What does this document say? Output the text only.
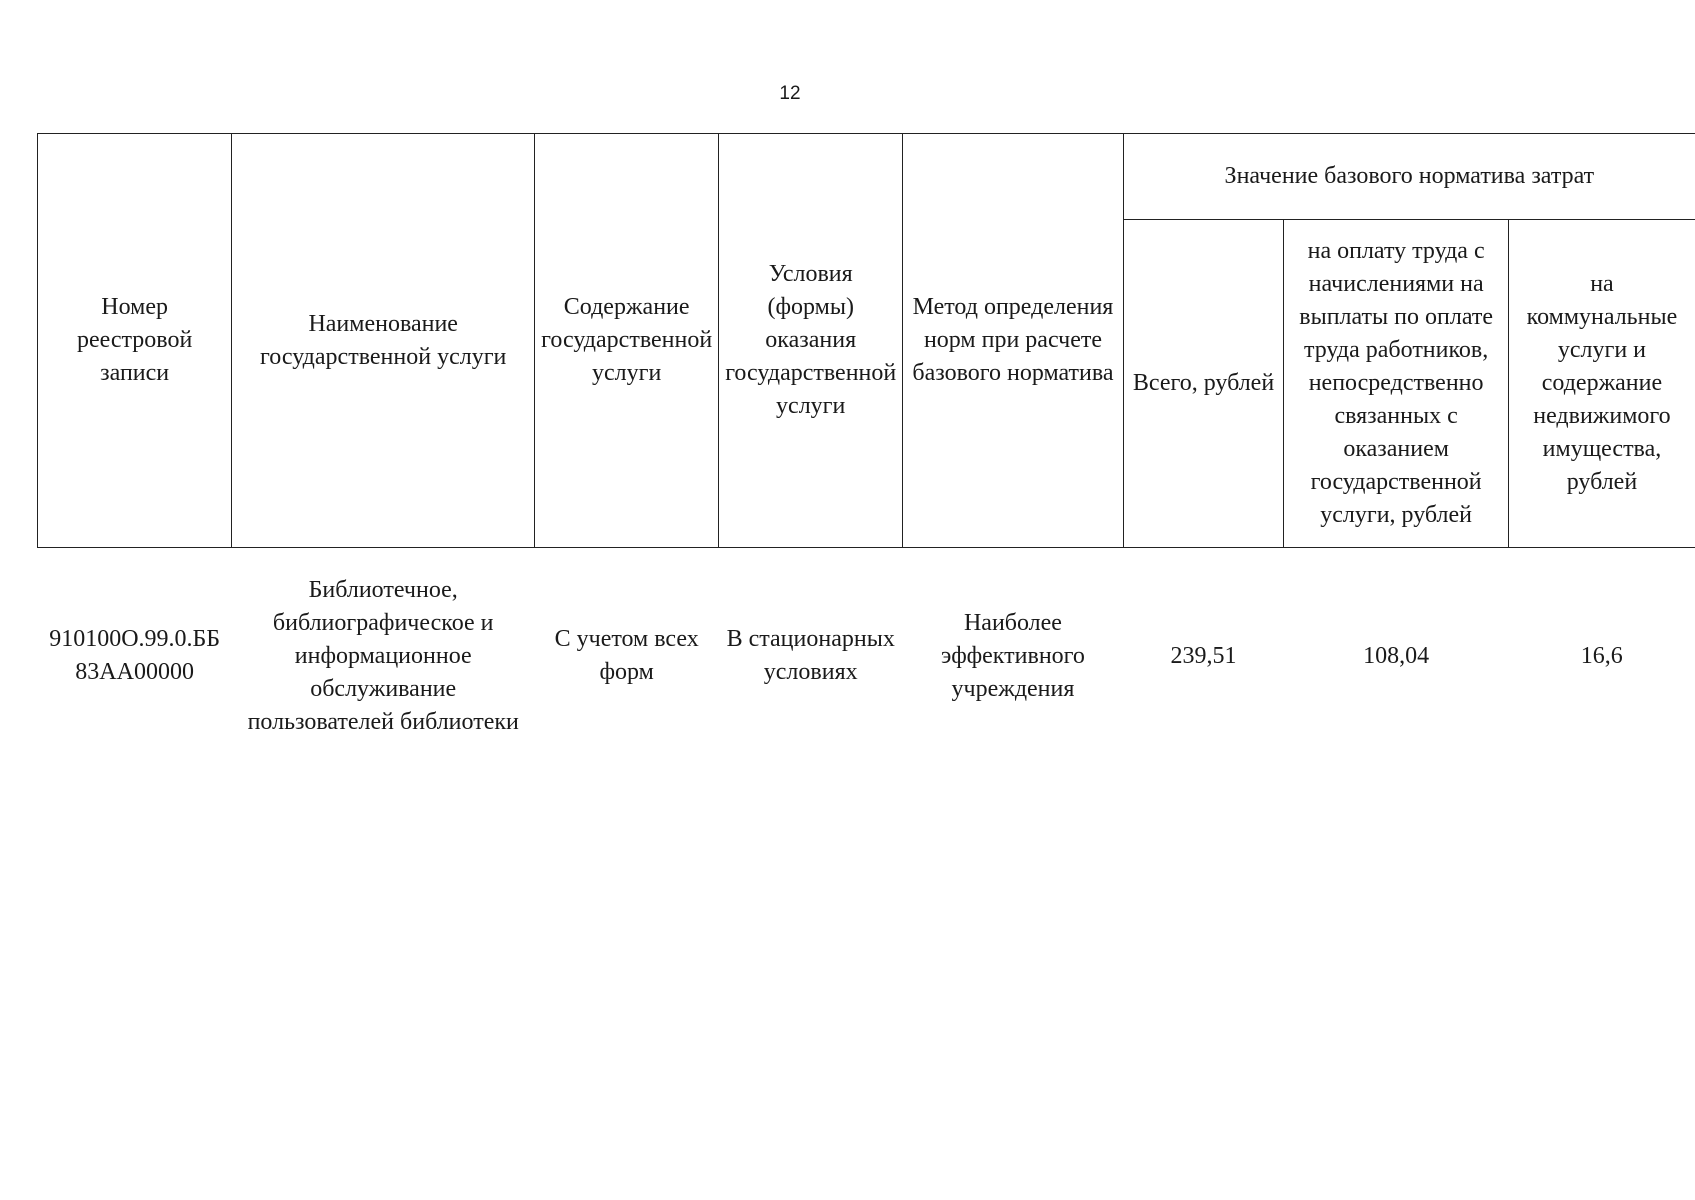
12
Номер реестровой записи	Наименование государственной услуги	Содержание государственной услуги	Условия (формы) оказания государственной услуги	Метод определения норм при расчете базового норматива	Значение базового норматива затрат		
					Всего, рублей	на оплату труда с начислениями на выплаты по оплате труда работников, непосредственно связанных с оказанием государственной услуги, рублей	на коммунальные услуги и содержание недвижимого имущества, рублей
910100О.99.0.ББ83АА00000	Библиотечное, библиографическое и информационное обслуживание пользователей библиотеки	С учетом всех форм	В стационарных условиях	Наиболее эффективного учреждения	239,51	108,04	16,6
